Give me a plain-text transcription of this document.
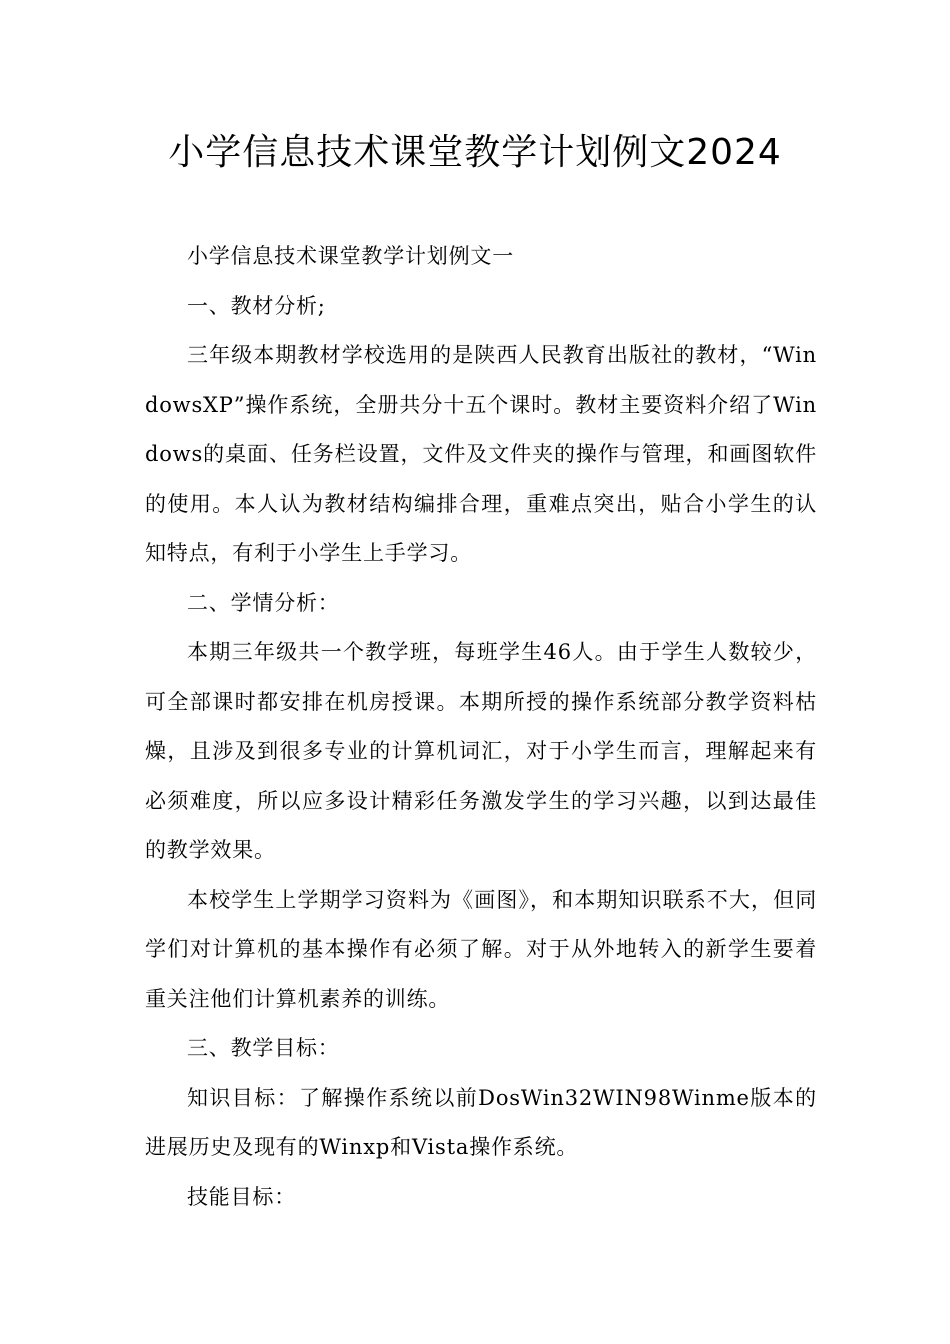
小学信息技术课堂教学计划例文2024

小学信息技术课堂教学计划例文一

一、教材分析;

三年级本期教材学校选用的是陕西人民教育出版社的教材，“WindowsXP”操作系统，全册共分十五个课时。教材主要资料介绍了Windows的桌面、任务栏设置，文件及文件夹的操作与管理，和画图软件的使用。本人认为教材结构编排合理，重难点突出，贴合小学生的认知特点，有利于小学生上手学习。

二、学情分析：

本期三年级共一个教学班，每班学生46人。由于学生人数较少，可全部课时都安排在机房授课。本期所授的操作系统部分教学资料枯燥，且涉及到很多专业的计算机词汇，对于小学生而言，理解起来有必须难度，所以应多设计精彩任务激发学生的学习兴趣，以到达最佳的教学效果。

本校学生上学期学习资料为《画图》，和本期知识联系不大，但同学们对计算机的基本操作有必须了解。对于从外地转入的新学生要着重关注他们计算机素养的训练。

三、教学目标：

知识目标：了解操作系统以前DosWin32WIN98Winme版本的进展历史及现有的Winxp和Vista操作系统。

技能目标：
